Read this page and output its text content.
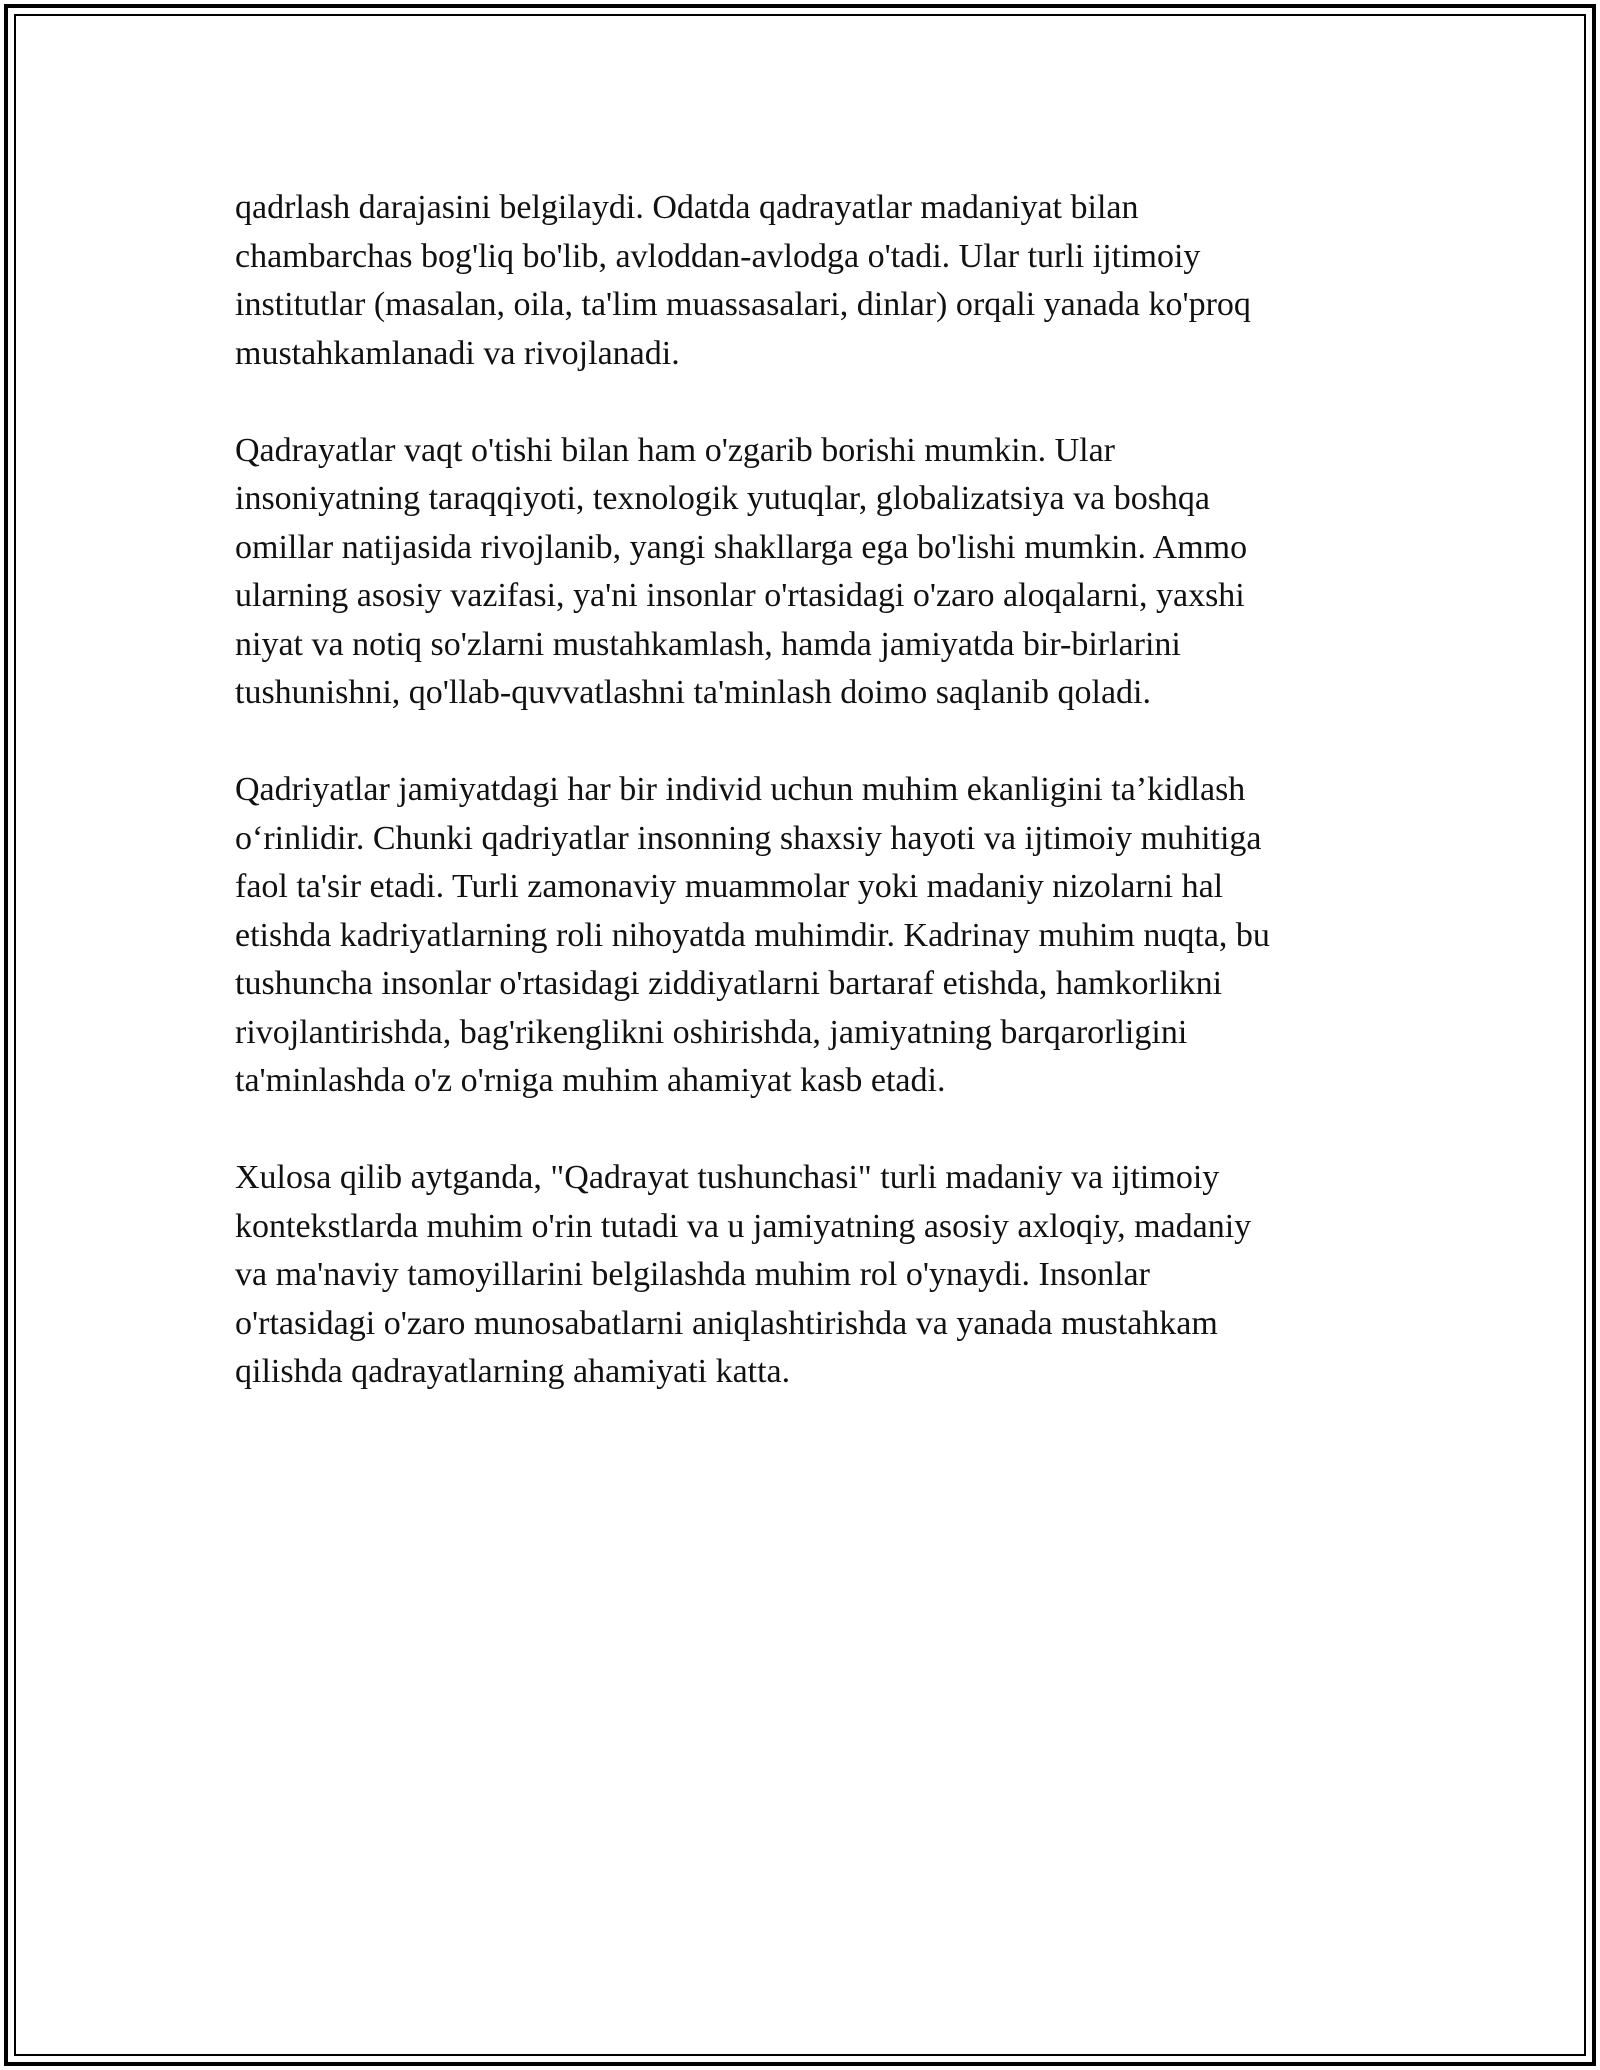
qadrlash darajasini belgilaydi. Odatda qadrayatlar madaniyat bilan
chambarchas bog'liq bo'lib, avloddan-avlodga o'tadi. Ular turli ijtimoiy
institutlar (masalan, oila, ta'lim muassasalari, dinlar) orqali yanada ko'proq
mustahkamlanadi va rivojlanadi.

Qadrayatlar vaqt o'tishi bilan ham o'zgarib borishi mumkin. Ular
insoniyatning taraqqiyoti, texnologik yutuqlar, globalizatsiya va boshqa
omillar natijasida rivojlanib, yangi shakllarga ega bo'lishi mumkin. Ammo
ularning asosiy vazifasi, ya'ni insonlar o'rtasidagi o'zaro aloqalarni, yaxshi
niyat va notiq so'zlarni mustahkamlash, hamda jamiyatda bir-birlarini
tushunishni, qo'llab-quvvatlashni ta'minlash doimo saqlanib qoladi.

Qadriyatlar jamiyatdagi har bir individ uchun muhim ekanligini ta’kidlash
o‘rinlidir. Chunki qadriyatlar insonning shaxsiy hayoti va ijtimoiy muhitiga
faol ta'sir etadi. Turli zamonaviy muammolar yoki madaniy nizolarni hal
etishda kadriyatlarning roli nihoyatda muhimdir. Kadrinay muhim nuqta, bu
tushuncha insonlar o'rtasidagi ziddiyatlarni bartaraf etishda, hamkorlikni
rivojlantirishda, bag'rikenglikni oshirishda, jamiyatning barqarorligini
ta'minlashda o'z o'rniga muhim ahamiyat kasb etadi.

Xulosa qilib aytganda, "Qadrayat tushunchasi" turli madaniy va ijtimoiy
kontekstlarda muhim o'rin tutadi va u jamiyatning asosiy axloqiy, madaniy
va ma'naviy tamoyillarini belgilashda muhim rol o'ynaydi. Insonlar
o'rtasidagi o'zaro munosabatlarni aniqlashtirishda va yanada mustahkam
qilishda qadrayatlarning ahamiyati katta.
